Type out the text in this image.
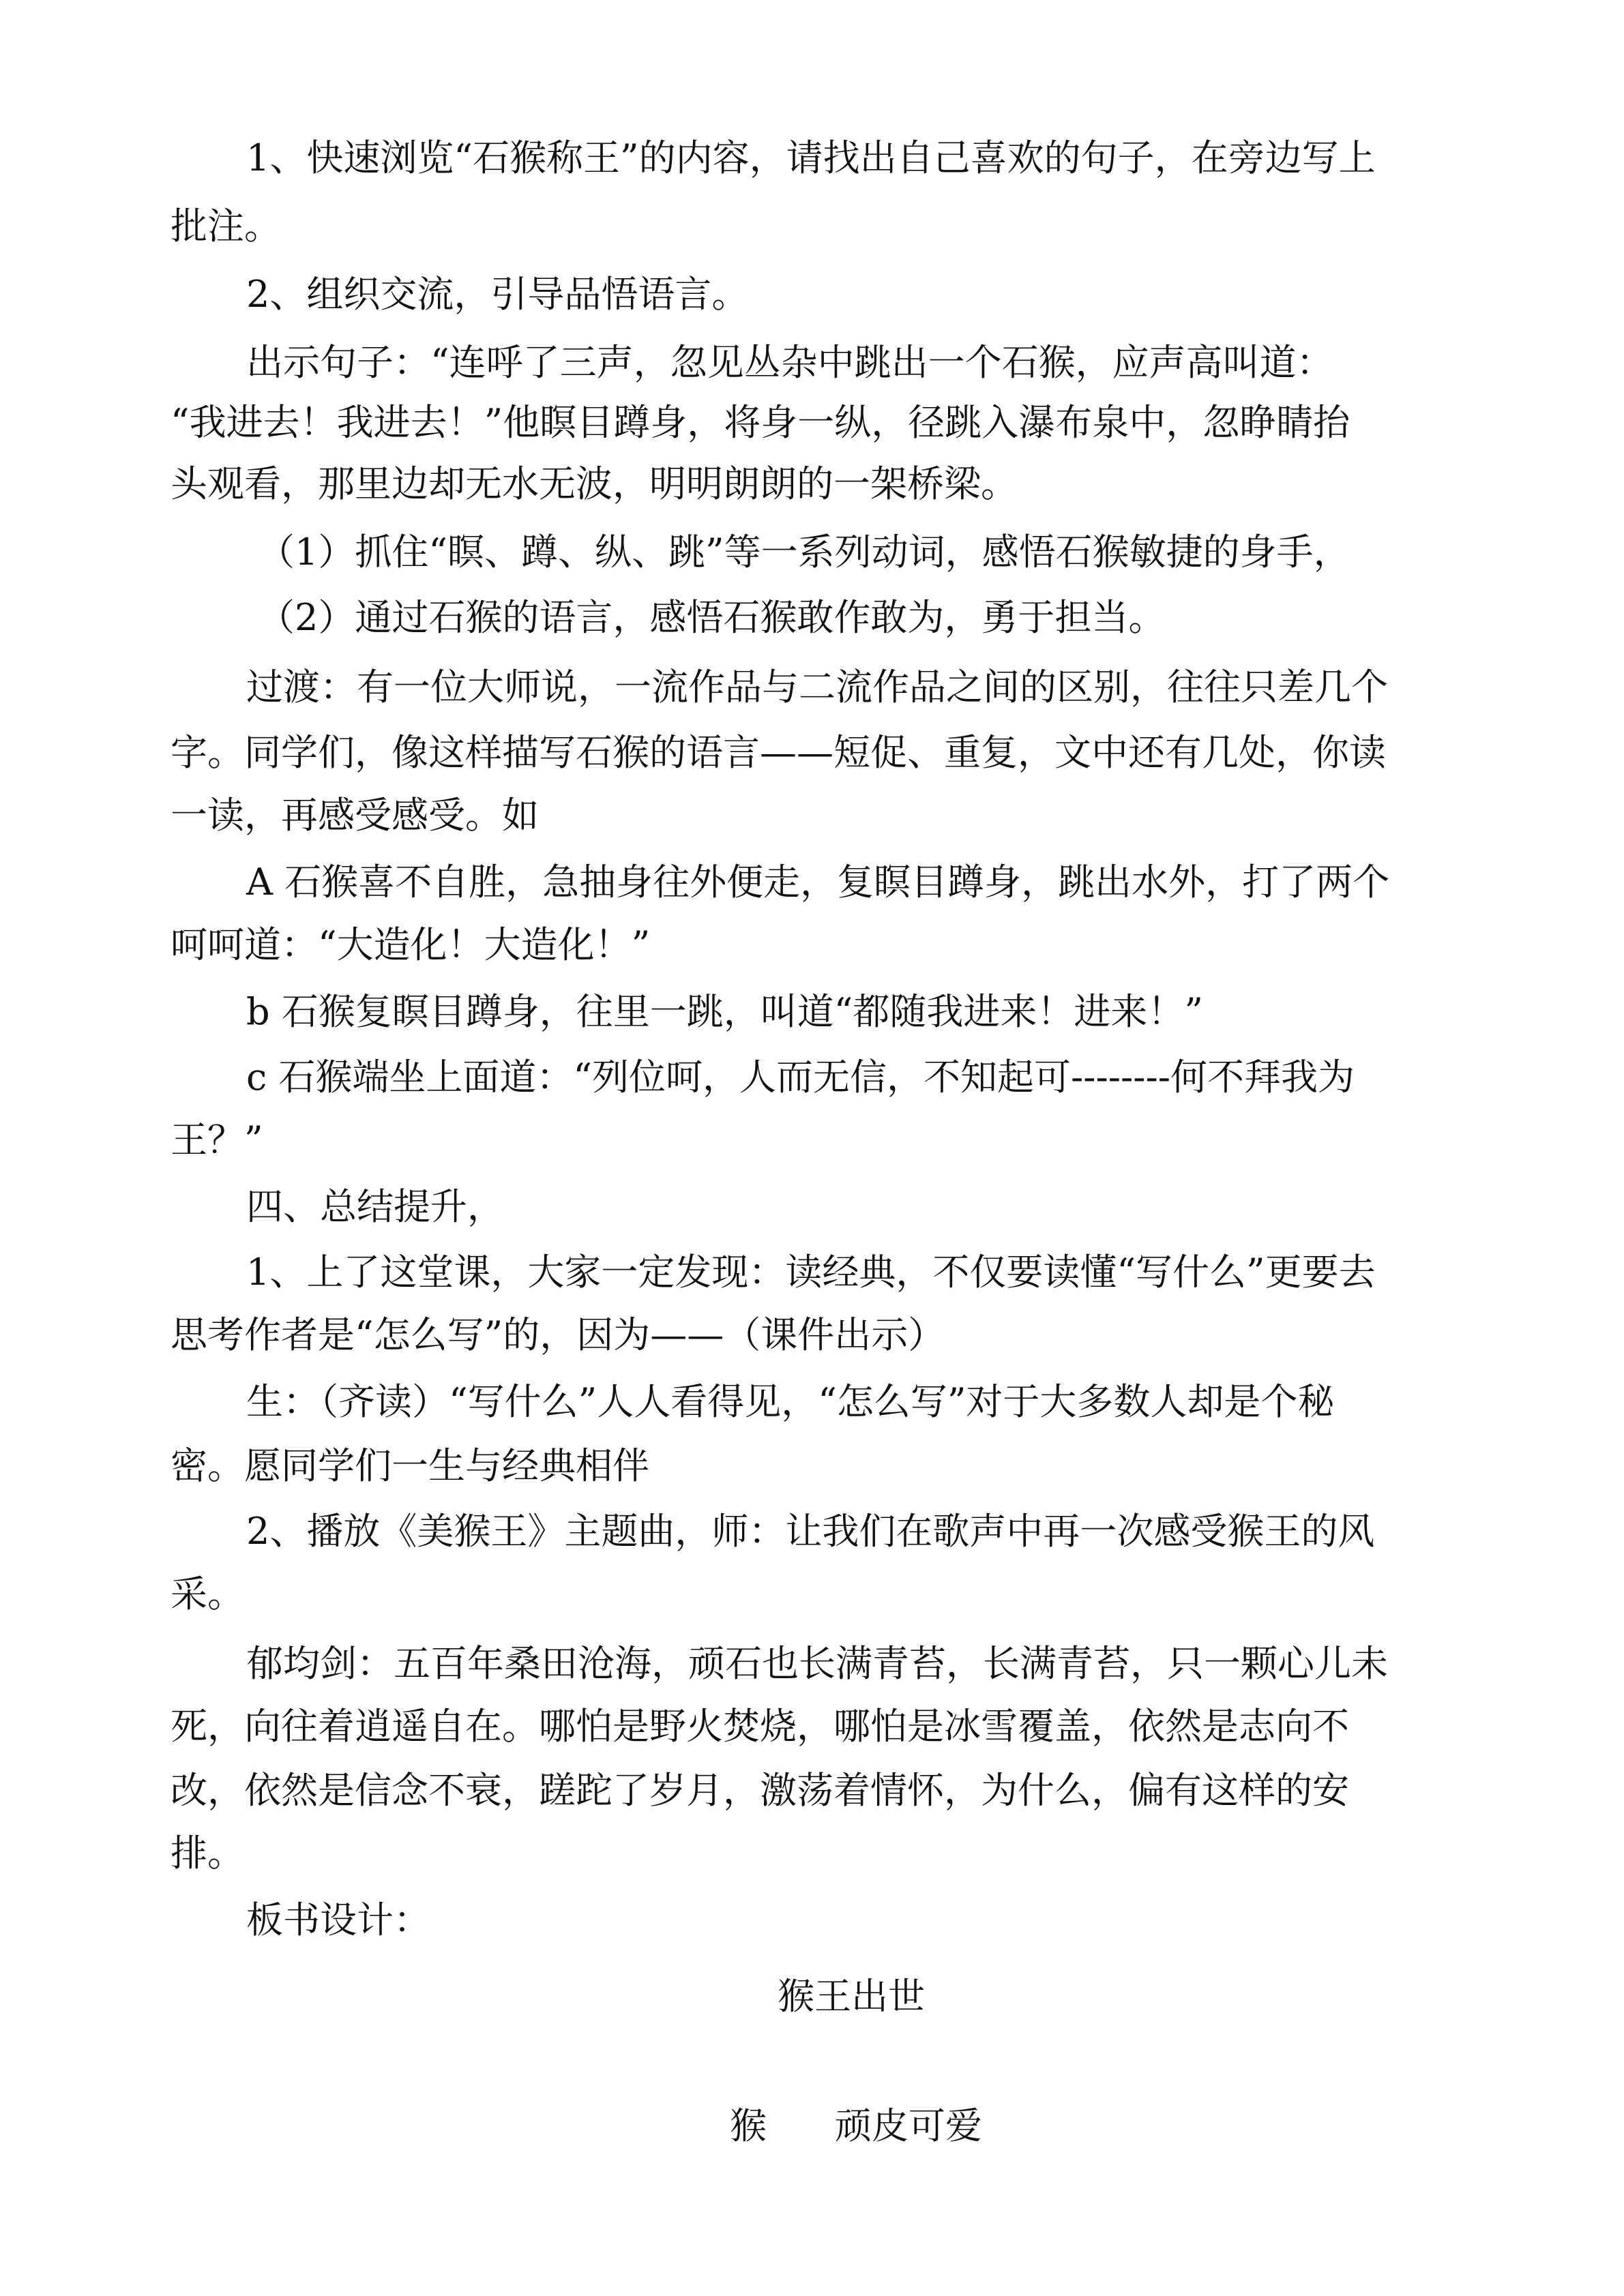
1、快速浏览“石猴称王”的内容，请找出自己喜欢的句子，在旁边写上
批注。
2、组织交流，引导品悟语言。
出示句子：“连呼了三声，忽见丛杂中跳出一个石猴，应声高叫道：
“我进去！我进去！”他瞑目蹲身，将身一纵，径跳入瀑布泉中，忽睁睛抬
头观看，那里边却无水无波，明明朗朗的一架桥梁。
（1）抓住“瞑、蹲、纵、跳”等一系列动词，感悟石猴敏捷的身手，
（2）通过石猴的语言，感悟石猴敢作敢为，勇于担当。
过渡：有一位大师说，一流作品与二流作品之间的区别，往往只差几个
字。同学们，像这样描写石猴的语言——短促、重复，文中还有几处，你读
一读，再感受感受。如
A 石猴喜不自胜，急抽身往外便走，复瞑目蹲身，跳出水外，打了两个
呵呵道：“大造化！大造化！”
b 石猴复瞑目蹲身，往里一跳，叫道“都随我进来！进来！”
c 石猴端坐上面道：“列位呵，人而无信，不知起可--------何不拜我为
王？”
四、总结提升，
1、上了这堂课，大家一定发现：读经典，不仅要读懂“写什么”更要去
思考作者是“怎么写”的，因为——（课件出示）
生：（齐读）“写什么”人人看得见，“怎么写”对于大多数人却是个秘
密。愿同学们一生与经典相伴
2、播放《美猴王》主题曲，师：让我们在歌声中再一次感受猴王的风
采。
郁均剑：五百年桑田沧海，顽石也长满青苔，长满青苔，只一颗心儿未
死，向往着逍遥自在。哪怕是野火焚烧，哪怕是冰雪覆盖，依然是志向不
改，依然是信念不衰，蹉跎了岁月，激荡着情怀，为什么，偏有这样的安
排。
板书设计：
猴王出世
猴 顽皮可爱
